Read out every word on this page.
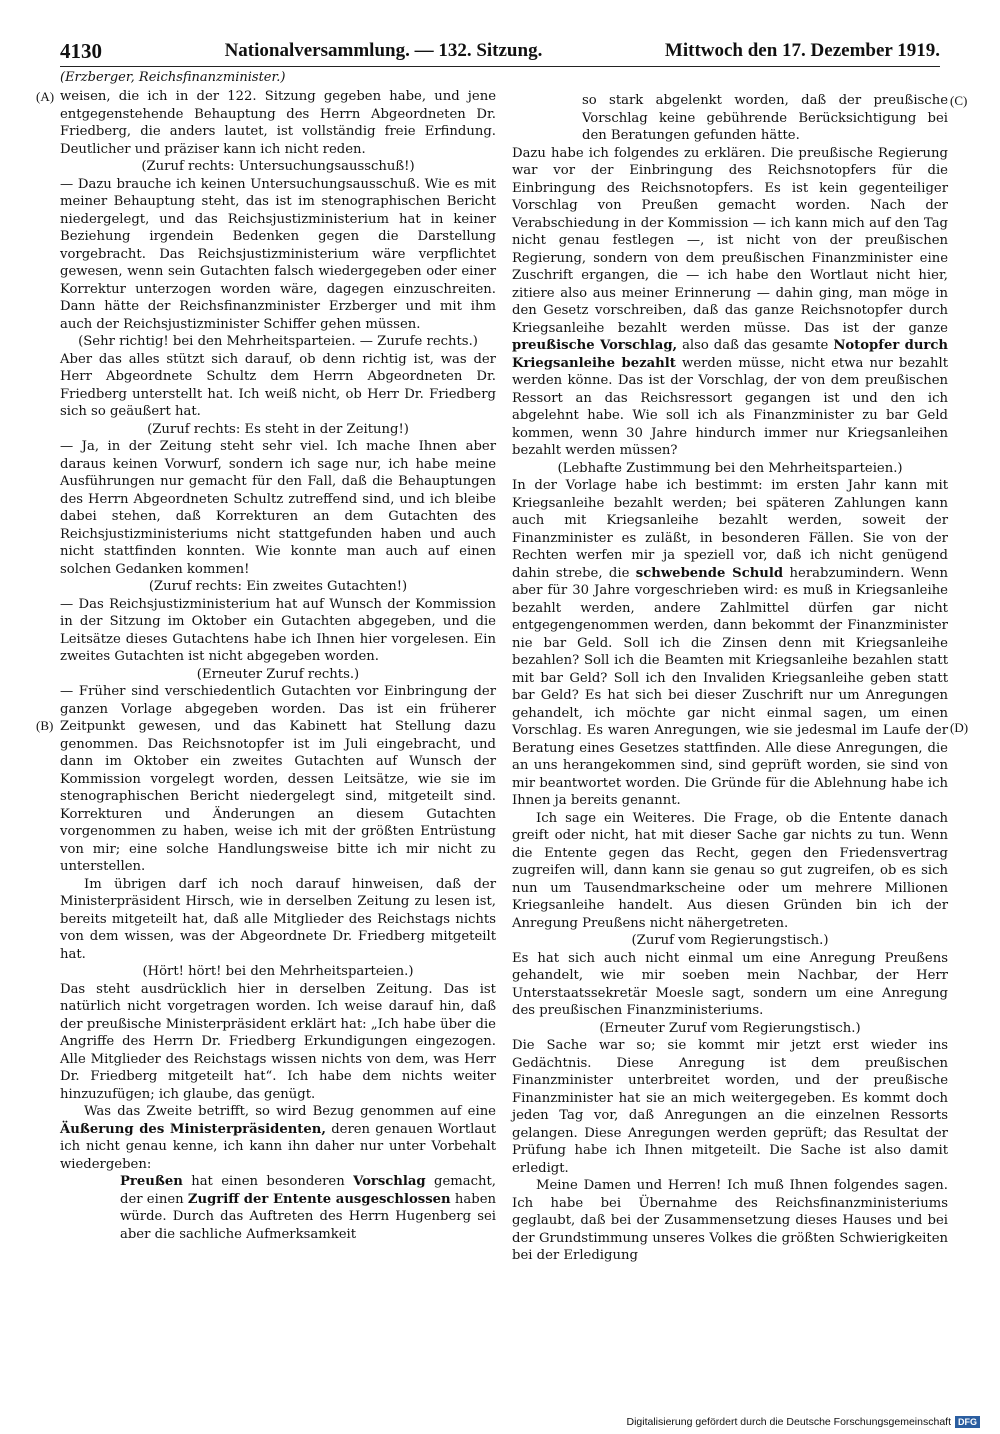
4130	Nationalversammlung. — 132. Sitzung.	Mittwoch den 17. Dezember 1919.
(Erzberger, Reichsfinanzminister.)
(A)
(B)
(C)
(D)

weisen, die ich in der 122. Sitzung gegeben habe, und jene entgegenstehende Behauptung des Herrn Abgeordneten Dr. Friedberg, die anders lautet, ist vollständig freie Erfindung. Deutlicher und präziser kann ich nicht reden.

(Zuruf rechts: Untersuchungsausschuß!)

— Dazu brauche ich keinen Untersuchungsausschuß. Wie es mit meiner Behauptung steht, das ist im stenographischen Bericht niedergelegt, und das Reichsjustizministerium hat in keiner Beziehung irgendein Bedenken gegen die Darstellung vorgebracht. Das Reichsjustizministerium wäre verpflichtet gewesen, wenn sein Gutachten falsch wiedergegeben oder einer Korrektur unterzogen worden wäre, dagegen einzuschreiten. Dann hätte der Reichsfinanzminister Erzberger und mit ihm auch der Reichsjustizminister Schiffer gehen müssen.

(Sehr richtig! bei den Mehrheitsparteien. — Zurufe rechts.)

Aber das alles stützt sich darauf, ob denn richtig ist, was der Herr Abgeordnete Schultz dem Herrn Abgeordneten Dr. Friedberg unterstellt hat. Ich weiß nicht, ob Herr Dr. Friedberg sich so geäußert hat.

(Zuruf rechts: Es steht in der Zeitung!)

— Ja, in der Zeitung steht sehr viel. Ich mache Ihnen aber daraus keinen Vorwurf, sondern ich sage nur, ich habe meine Ausführungen nur gemacht für den Fall, daß die Behauptungen des Herrn Abgeordneten Schultz zutreffend sind, und ich bleibe dabei stehen, daß Korrekturen an dem Gutachten des Reichsjustizministeriums nicht stattgefunden haben und auch nicht stattfinden konnten. Wie konnte man auch auf einen solchen Gedanken kommen!

(Zuruf rechts: Ein zweites Gutachten!)

— Das Reichsjustizministerium hat auf Wunsch der Kommission in der Sitzung im Oktober ein Gutachten abgegeben, und die Leitsätze dieses Gutachtens habe ich Ihnen hier vorgelesen. Ein zweites Gutachten ist nicht abgegeben worden.

(Erneuter Zuruf rechts.)

— Früher sind verschiedentlich Gutachten vor Einbringung der ganzen Vorlage abgegeben worden. Das ist ein früherer Zeitpunkt gewesen, und das Kabinett hat Stellung dazu genommen. Das Reichsnotopfer ist im Juli eingebracht, und dann im Oktober ein zweites Gutachten auf Wunsch der Kommission vorgelegt worden, dessen Leitsätze, wie sie im stenographischen Bericht niedergelegt sind, mitgeteilt sind. Korrekturen und Änderungen an diesem Gutachten vorgenommen zu haben, weise ich mit der größten Entrüstung von mir; eine solche Handlungsweise bitte ich mir nicht zu unterstellen.

Im übrigen darf ich noch darauf hinweisen, daß der Ministerpräsident Hirsch, wie in derselben Zeitung zu lesen ist, bereits mitgeteilt hat, daß alle Mitglieder des Reichstags nichts von dem wissen, was der Abgeordnete Dr. Friedberg mitgeteilt hat.

(Hört! hört! bei den Mehrheitsparteien.)

Das steht ausdrücklich hier in derselben Zeitung. Das ist natürlich nicht vorgetragen worden. Ich weise darauf hin, daß der preußische Ministerpräsident erklärt hat: „Ich habe über die Angriffe des Herrn Dr. Friedberg Erkundigungen eingezogen. Alle Mitglieder des Reichstags wissen nichts von dem, was Herr Dr. Friedberg mitgeteilt hat“. Ich habe dem nichts weiter hinzuzufügen; ich glaube, das genügt.

Was das Zweite betrifft, so wird Bezug genommen auf eine Äußerung des Ministerpräsidenten, deren genauen Wortlaut ich nicht genau kenne, ich kann ihn daher nur unter Vorbehalt wiedergeben:

Preußen hat einen besonderen Vorschlag gemacht, der einen Zugriff der Entente ausgeschlossen haben würde. Durch das Auftreten des Herrn Hugenberg sei aber die sachliche Aufmerksamkeit

so stark abgelenkt worden, daß der preußische Vorschlag keine gebührende Berücksichtigung bei den Beratungen gefunden hätte.

Dazu habe ich folgendes zu erklären. Die preußische Regierung war vor der Einbringung des Reichsnotopfers für die Einbringung des Reichsnotopfers. Es ist kein gegenteiliger Vorschlag von Preußen gemacht worden. Nach der Verabschiedung in der Kommission — ich kann mich auf den Tag nicht genau festlegen —, ist nicht von der preußischen Regierung, sondern von dem preußischen Finanzminister eine Zuschrift ergangen, die — ich habe den Wortlaut nicht hier, zitiere also aus meiner Erinnerung — dahin ging, man möge in den Gesetz vorschreiben, daß das ganze Reichsnotopfer durch Kriegsanleihe bezahlt werden müsse. Das ist der ganze preußische Vorschlag, also daß das gesamte Notopfer durch Kriegsanleihe bezahlt werden müsse, nicht etwa nur bezahlt werden könne. Das ist der Vorschlag, der von dem preußischen Ressort an das Reichsressort gegangen ist und den ich abgelehnt habe. Wie soll ich als Finanzminister zu bar Geld kommen, wenn 30 Jahre hindurch immer nur Kriegsanleihen bezahlt werden müssen?

(Lebhafte Zustimmung bei den Mehrheitsparteien.)

In der Vorlage habe ich bestimmt: im ersten Jahr kann mit Kriegsanleihe bezahlt werden; bei späteren Zahlungen kann auch mit Kriegsanleihe bezahlt werden, soweit der Finanzminister es zuläßt, in besonderen Fällen. Sie von der Rechten werfen mir ja speziell vor, daß ich nicht genügend dahin strebe, die schwebende Schuld herabzumindern. Wenn aber für 30 Jahre vorgeschrieben wird: es muß in Kriegsanleihe bezahlt werden, andere Zahlmittel dürfen gar nicht entgegengenommen werden, dann bekommt der Finanzminister nie bar Geld. Soll ich die Zinsen denn mit Kriegsanleihe bezahlen? Soll ich die Beamten mit Kriegsanleihe bezahlen statt mit bar Geld? Soll ich den Invaliden Kriegsanleihe geben statt bar Geld? Es hat sich bei dieser Zuschrift nur um Anregungen gehandelt, ich möchte gar nicht einmal sagen, um einen Vorschlag. Es waren Anregungen, wie sie jedesmal im Laufe der Beratung eines Gesetzes stattfinden. Alle diese Anregungen, die an uns herangekommen sind, sind geprüft worden, sie sind von mir beantwortet worden. Die Gründe für die Ablehnung habe ich Ihnen ja bereits genannt.

Ich sage ein Weiteres. Die Frage, ob die Entente danach greift oder nicht, hat mit dieser Sache gar nichts zu tun. Wenn die Entente gegen das Recht, gegen den Friedensvertrag zugreifen will, dann kann sie genau so gut zugreifen, ob es sich nun um Tausendmarkscheine oder um mehrere Millionen Kriegsanleihe handelt. Aus diesen Gründen bin ich der Anregung Preußens nicht nähergetreten.

(Zuruf vom Regierungstisch.)

Es hat sich auch nicht einmal um eine Anregung Preußens gehandelt, wie mir soeben mein Nachbar, der Herr Unterstaatssekretär Moesle sagt, sondern um eine Anregung des preußischen Finanzministeriums.

(Erneuter Zuruf vom Regierungstisch.)

Die Sache war so; sie kommt mir jetzt erst wieder ins Gedächtnis. Diese Anregung ist dem preußischen Finanzminister unterbreitet worden, und der preußische Finanzminister hat sie an mich weitergegeben. Es kommt doch jeden Tag vor, daß Anregungen an die einzelnen Ressorts gelangen. Diese Anregungen werden geprüft; das Resultat der Prüfung habe ich Ihnen mitgeteilt. Die Sache ist also damit erledigt.

Meine Damen und Herren! Ich muß Ihnen folgendes sagen. Ich habe bei Übernahme des Reichsfinanzministeriums geglaubt, daß bei der Zusammensetzung dieses Hauses und bei der Grundstimmung unseres Volkes die größten Schwierigkeiten bei der Erledigung

Digitalisierung gefördert durch die Deutsche Forschungsgemeinschaft DFG
